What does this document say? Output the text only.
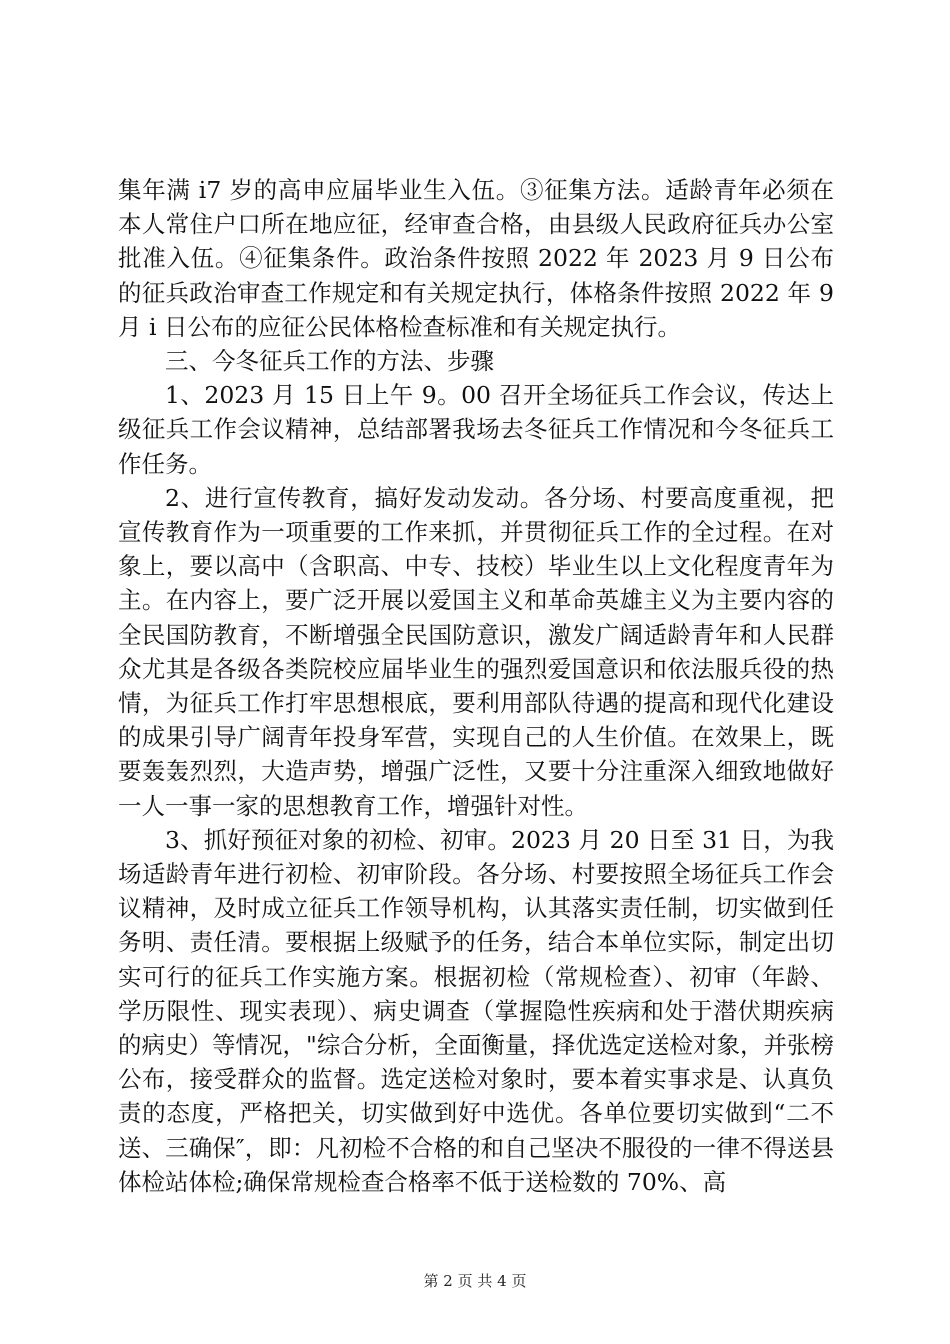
集年满 i7 岁的高申应届毕业生入伍。③征集方法。适龄青年必须在本人常住户口所在地应征，经审查合格，由县级人民政府征兵办公室批准入伍。④征集条件。政治条件按照 2022 年 2023 月 9 日公布的征兵政治审查工作规定和有关规定执行，体格条件按照 2022 年 9 月 i 日公布的应征公民体格检查标准和有关规定执行。

三、今冬征兵工作的方法、步骤

1、2023 月 15 日上午 9。00 召开全场征兵工作会议，传达上级征兵工作会议精神，总结部署我场去冬征兵工作情况和今冬征兵工作任务。

2、进行宣传教育，搞好发动发动。各分场、村要高度重视，把宣传教育作为一项重要的工作来抓，并贯彻征兵工作的全过程。在对象上，要以高中（含职高、中专、技校）毕业生以上文化程度青年为主。在内容上，要广泛开展以爱国主义和革命英雄主义为主要内容的全民国防教育，不断增强全民国防意识，激发广阔适龄青年和人民群众尤其是各级各类院校应届毕业生的强烈爱国意识和依法服兵役的热情，为征兵工作打牢思想根底，要利用部队待遇的提高和现代化建设的成果引导广阔青年投身军营，实现自己的人生价值。在效果上，既要轰轰烈烈，大造声势，增强广泛性，又要十分注重深入细致地做好一人一事一家的思想教育工作，增强针对性。

3、抓好预征对象的初检、初审。2023 月 20 日至 31 日，为我场适龄青年进行初检、初审阶段。各分场、村要按照全场征兵工作会议精神，及时成立征兵工作领导机构，认其落实责任制，切实做到任务明、责任清。要根据上级赋予的任务，结合本单位实际，制定出切实可行的征兵工作实施方案。根据初检（常规检查）、初审（年龄、学历限性、现实表现）、病史调查（掌握隐性疾病和处于潜伏期疾病的病史）等情况，"综合分析，全面衡量，择优选定送检对象，并张榜公布，接受群众的监督。选定送检对象时，要本着实事求是、认真负责的态度，严格把关，切实做到好中选优。各单位要切实做到“二不送、三确保″，即：凡初检不合格的和自己坚决不服役的一律不得送县体检站体检;确保常规检查合格率不低于送检数的 70%、高

第 2 页 共 4 页
